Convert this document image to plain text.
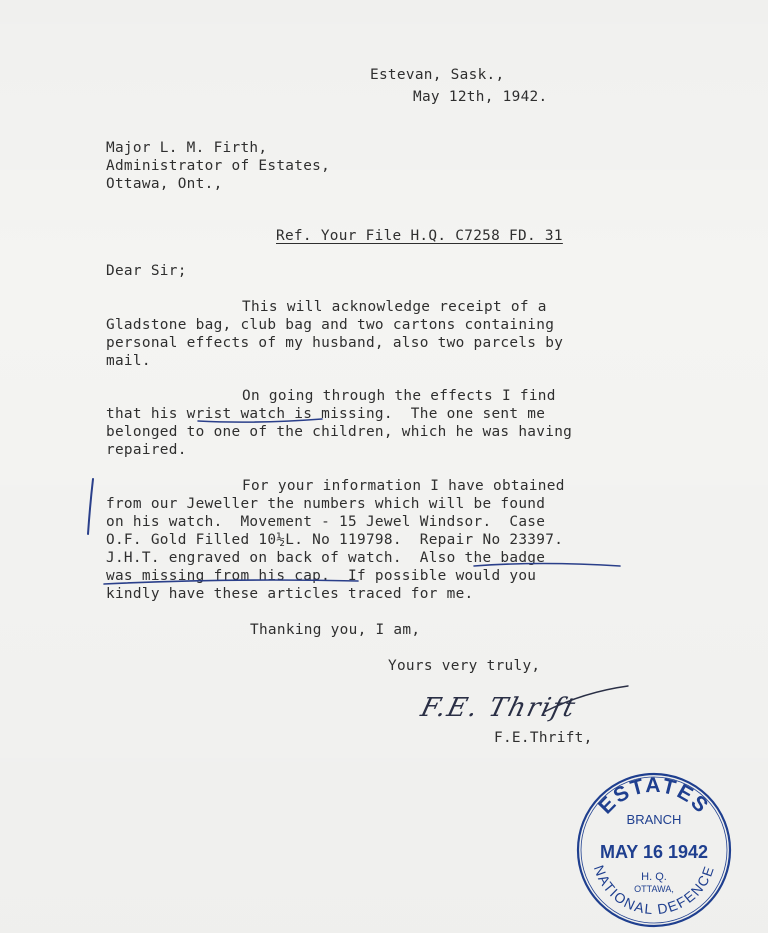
Estevan, Sask.,
May 12th, 1942.
Major L. M. Firth,
Administrator of Estates,
Ottawa, Ont.,
Ref. Your File H.Q. C7258 FD. 31
Dear Sir;
This will acknowledge receipt of a
Gladstone bag, club bag and two cartons containing
personal effects of my husband, also two parcels by
mail.
On going through the effects I find
that his wrist watch is missing.  The one sent me
belonged to one of the children, which he was having
repaired.
For your information I have obtained
from our Jeweller the numbers which will be found
on his watch.  Movement - 15 Jewel Windsor.  Case
O.F. Gold Filled 10½L. No 119798.  Repair No 23397.
J.H.T. engraved on back of watch.  Also the badge
was missing from his cap.  If possible would you
kindly have these articles traced for me.
Thanking you, I am,
Yours very truly,
F.E.Thrift,
F.E. Thrift
ESTATES
BRANCH
MAY 16 1942
H. Q.
OTTAWA,
NATIONAL DEFENCE
